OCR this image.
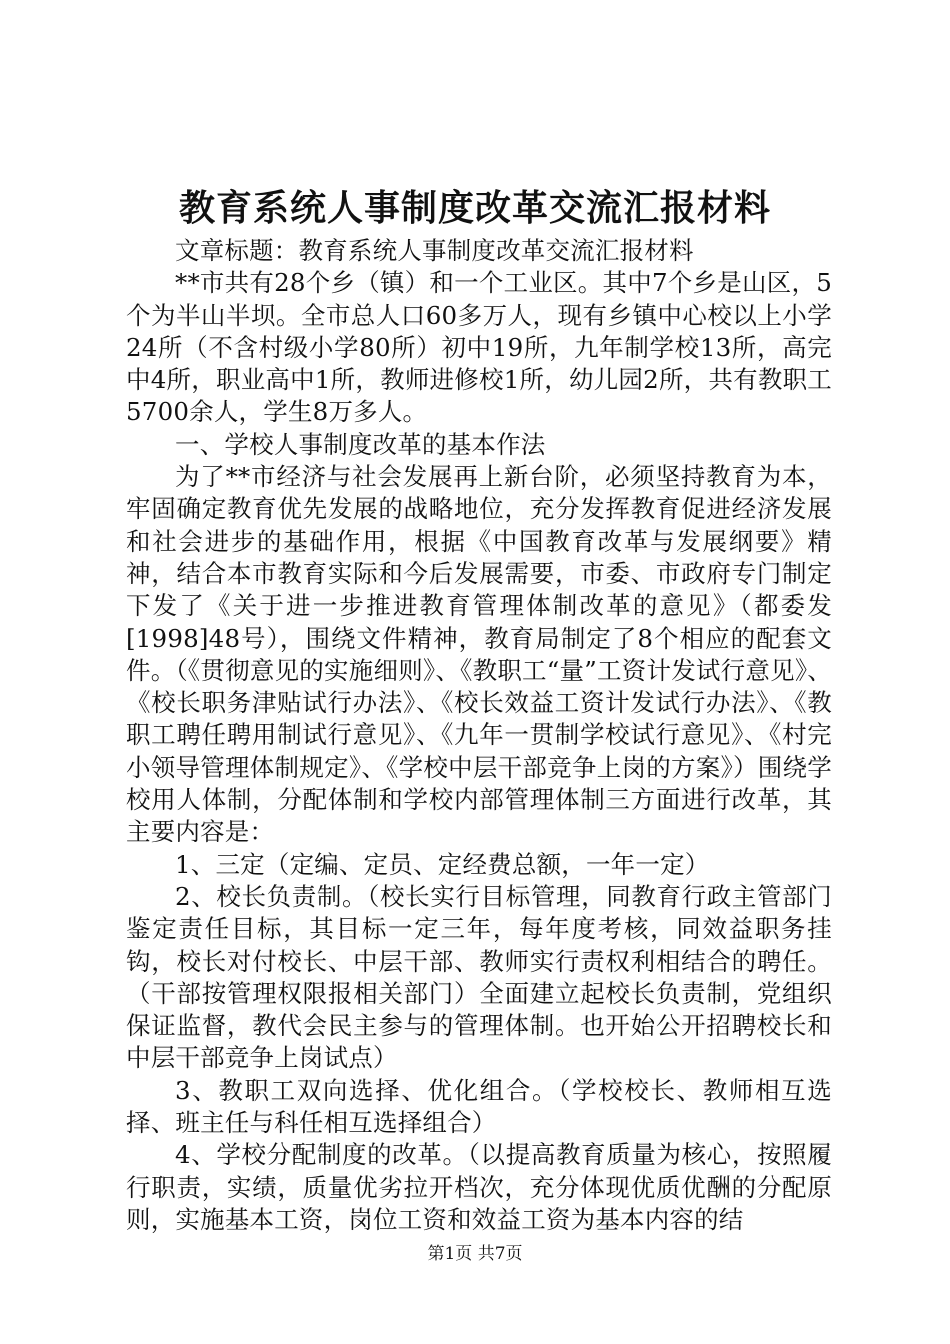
教育系统人事制度改革交流汇报材料

文章标题：教育系统人事制度改革交流汇报材料

**市共有28个乡（镇）和一个工业区。其中7个乡是山区，5个为半山半坝。全市总人口60多万人，现有乡镇中心校以上小学24所（不含村级小学80所）初中19所，九年制学校13所，高完中4所，职业高中1所，教师进修校1所，幼儿园2所，共有教职工5700余人，学生8万多人。

一、学校人事制度改革的基本作法

为了**市经济与社会发展再上新台阶，必须坚持教育为本，牢固确定教育优先发展的战略地位，充分发挥教育促进经济发展和社会进步的基础作用，根据《中国教育改革与发展纲要》精神，结合本市教育实际和今后发展需要，市委、市政府专门制定下发了《关于进一步推进教育管理体制改革的意见》（都委发[1998]48号），围绕文件精神，教育局制定了8个相应的配套文件。（《贯彻意见的实施细则》、《教职工“量”工资计发试行意见》、《校长职务津贴试行办法》、《校长效益工资计发试行办法》、《教职工聘任聘用制试行意见》、《九年一贯制学校试行意见》、《村完小领导管理体制规定》、《学校中层干部竞争上岗的方案》）围绕学校用人体制，分配体制和学校内部管理体制三方面进行改革，其主要内容是：

1、三定（定编、定员、定经费总额，一年一定）

2、校长负责制。（校长实行目标管理，同教育行政主管部门鉴定责任目标，其目标一定三年，每年度考核，同效益职务挂钩，校长对付校长、中层干部、教师实行责权利相结合的聘任。（干部按管理权限报相关部门）全面建立起校长负责制，党组织保证监督，教代会民主参与的管理体制。也开始公开招聘校长和中层干部竞争上岗试点）

3、教职工双向选择、优化组合。（学校校长、教师相互选择、班主任与科任相互选择组合）

4、学校分配制度的改革。（以提高教育质量为核心，按照履行职责，实绩，质量优劣拉开档次，充分体现优质优酬的分配原则，实施基本工资，岗位工资和效益工资为基本内容的结

第1页 共7页
